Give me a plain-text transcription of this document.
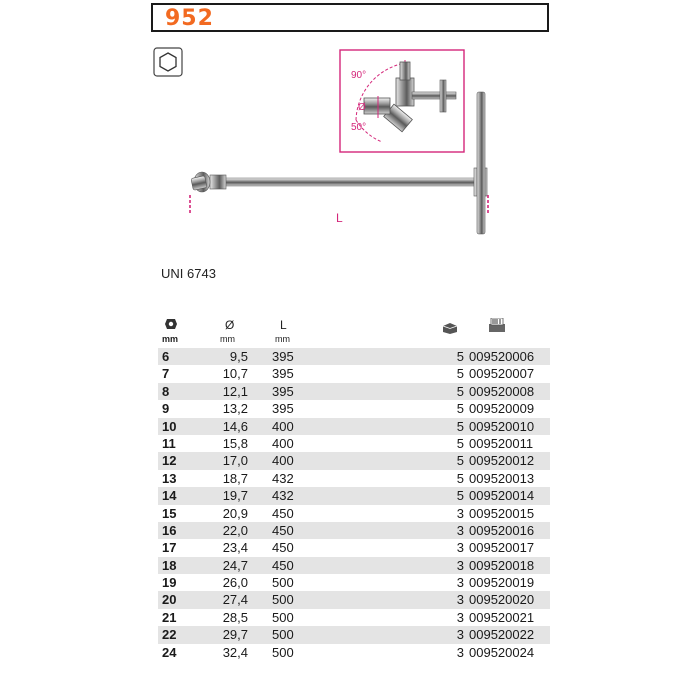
952
90°
50°
Ø
L
UNI 6743
Ø	L
mm	mm	mm
6	9,5 395	5 009520006
7	10,7 395	5 009520007
8	12,1 395	5 009520008
9	13,2 395	5 009520009
10	14,6 400	5 009520010
11	15,8 400	5 009520011
12	17,0 400	5 009520012
13	18,7 432	5 009520013
14	19,7 432	5 009520014
15	20,9 450	3 009520015
16	22,0 450	3 009520016
17	23,4 450	3 009520017
18	24,7 450	3 009520018
19	26,0 500	3 009520019
20	27,4 500	3 009520020
21	28,5 500	3 009520021
22	29,7 500	3 009520022
24	32,4 500	3 009520024
